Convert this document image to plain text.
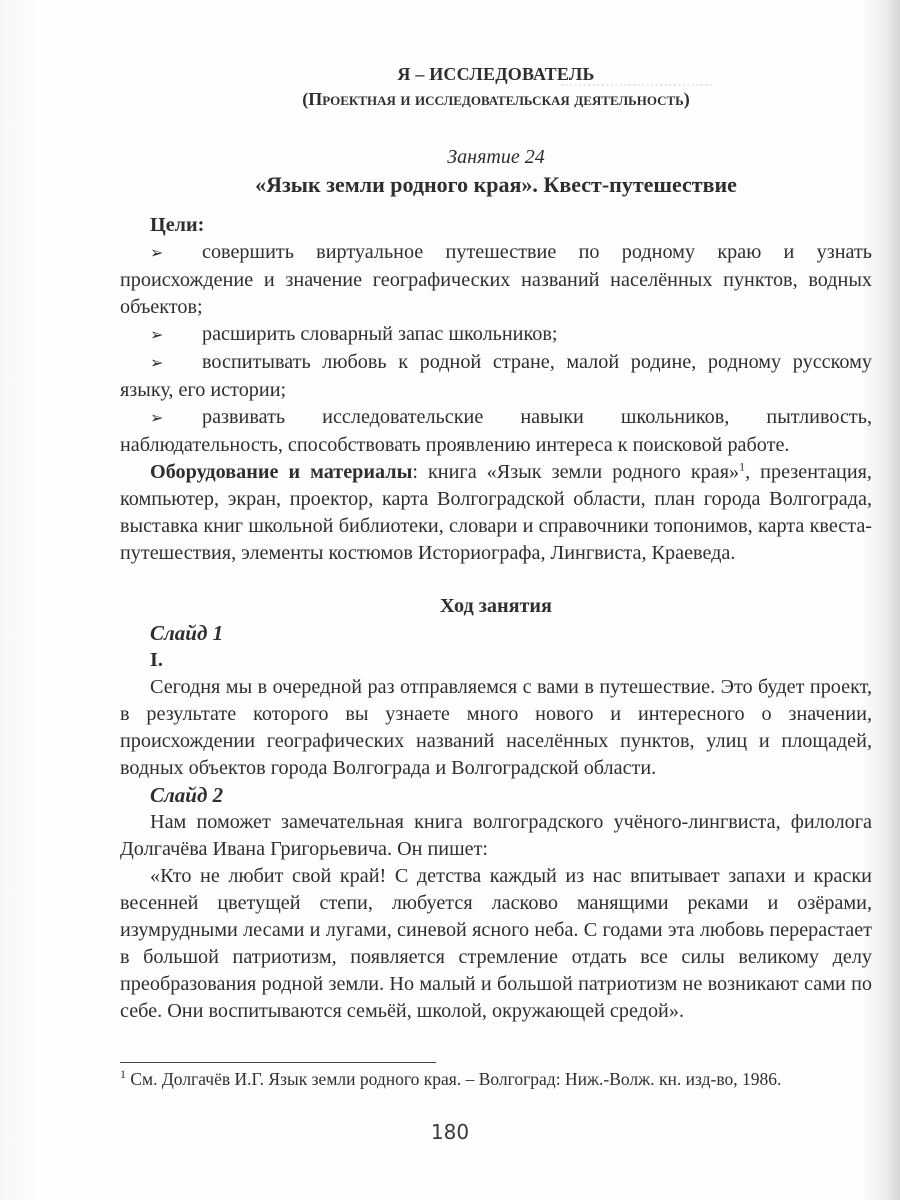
..................................
Я – ИССЛЕДОВАТЕЛЬ
(Проектная и исследовательская деятельность)
Занятие 24
«Язык земли родного края». Квест-путешествие
Цели:

➢ совершить виртуальное путешествие по родному краю и узнать происхождение и значение географических названий населённых пунктов, водных объектов;

➢ расширить словарный запас школьников;

➢ воспитывать любовь к родной стране, малой родине, родному русскому языку, его истории;

➢ развивать исследовательские навыки школьников, пытливость, наблюдательность, способствовать проявлению интереса к поисковой работе.

Оборудование и материалы: книга «Язык земли родного края»$^1$, презентация, компьютер, экран, проектор, карта Волгоградской области, план города Волгограда, выставка книг школьной библиотеки, словари и справочники топонимов, карта квеста-путешествия, элементы костюмов Историографа, Лингвиста, Краеведа.

Ход занятия
Слайд 1
I.

Сегодня мы в очередной раз отправляемся с вами в путешествие. Это будет проект, в результате которого вы узнаете много нового и интересного о значении, происхождении географических названий населённых пунктов, улиц и площадей, водных объектов города Волгограда и Волгоградской области.

Слайд 2

Нам поможет замечательная книга волгоградского учёного-лингвиста, филолога Долгачёва Ивана Григорьевича. Он пишет:

«Кто не любит свой край! С детства каждый из нас впитывает запахи и краски весенней цветущей степи, любуется ласково манящими реками и озёрами, изумрудными лесами и лугами, синевой ясного неба. С годами эта любовь перерастает в большой патриотизм, появляется стремление отдать все силы великому делу преобразования родной земли. Но малый и большой патриотизм не возникают сами по себе. Они воспитываются семьёй, школой, окружающей средой».

$^1$ См. Долгачёв И.Г. Язык земли родного края. – Волгоград: Ниж.-Волж. кн. изд-во, 1986.
180
